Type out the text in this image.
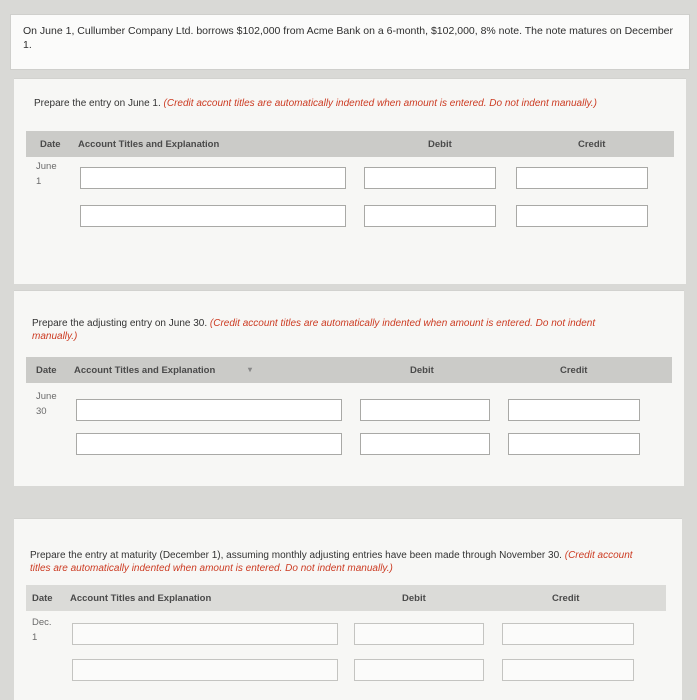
On June 1, Cullumber Company Ltd. borrows $102,000 from Acme Bank on a 6-month, $102,000, 8% note. The note matures on December 1.
Prepare the entry on June 1. (Credit account titles are automatically indented when amount is entered. Do not indent manually.)
Date Account Titles and Explanation	Debit	Credit
June
1
Prepare the adjusting entry on June 30. (Credit account titles are automatically indented when amount is entered. Do not indent manually.)
Date Account Titles and Explanation	▾	Debit	Credit
June
30
Prepare the entry at maturity (December 1), assuming monthly adjusting entries have been made through November 30. (Credit account titles are automatically indented when amount is entered. Do not indent manually.)
Date Account Titles and Explanation	Debit	Credit
Dec.
1
